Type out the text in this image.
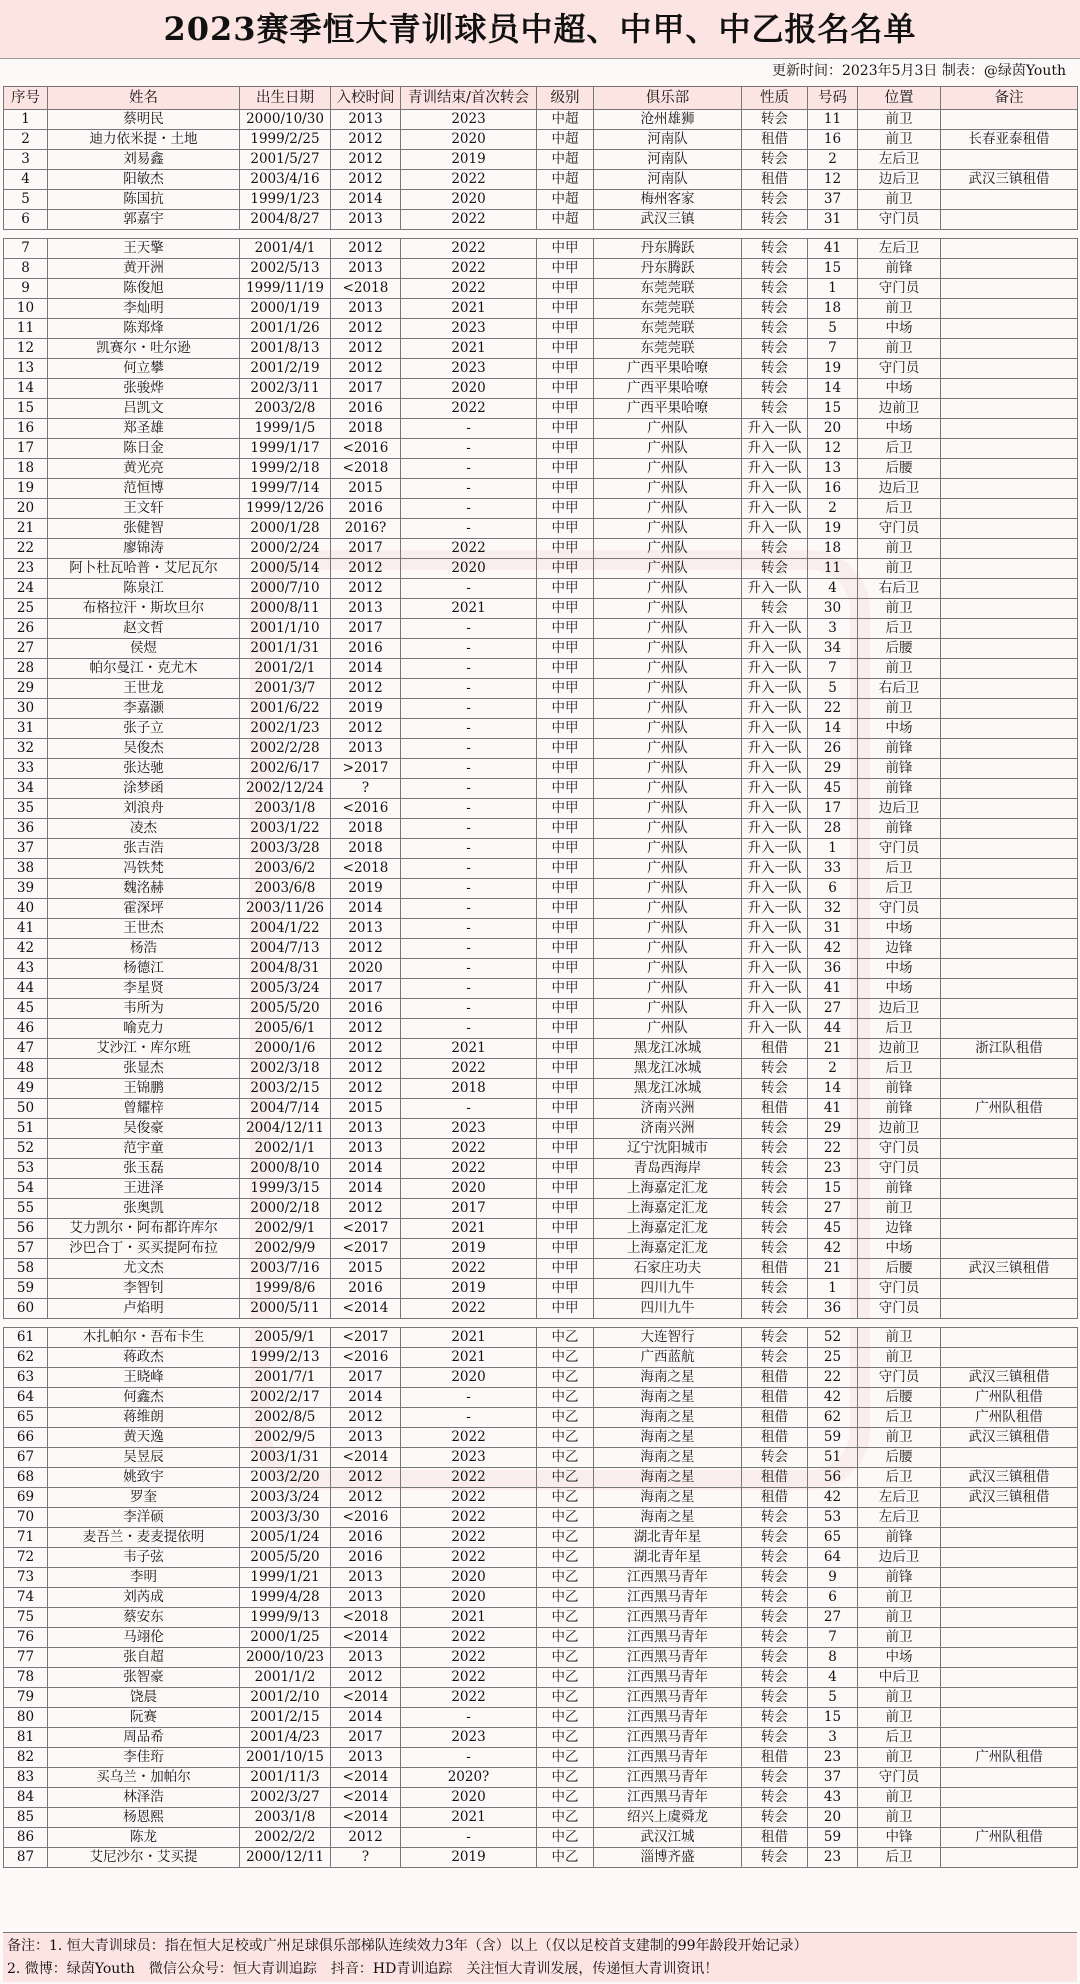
2023赛季恒大青训球员中超、中甲、中乙报名名单
更新时间：2023年5月3日 制表：@绿茵Youth
序号	姓名	出生日期	入校时间	青训结束/首次转会	级别	俱乐部	性质	号码	位置	备注
1	蔡明民	2000/10/30	2013	2023	中超	沧州雄狮	转会	11	前卫	
2	迪力依米提・土地	1999/2/25	2012	2020	中超	河南队	租借	16	前卫	长春亚泰租借
3	刘易鑫	2001/5/27	2012	2019	中超	河南队	转会	2	左后卫	
4	阳敏杰	2003/4/16	2012	2022	中超	河南队	租借	12	边后卫	武汉三镇租借
5	陈国抗	1999/1/23	2014	2020	中超	梅州客家	转会	37	前卫	
6	郭嘉宇	2004/8/27	2013	2022	中超	武汉三镇	转会	31	守门员	

7	王天擎	2001/4/1	2012	2022	中甲	丹东腾跃	转会	41	左后卫	
8	黄开洲	2002/5/13	2013	2022	中甲	丹东腾跃	转会	15	前锋	
9	陈俊旭	1999/11/19	<2018	2022	中甲	东莞莞联	转会	1	守门员	
10	李灿明	2000/1/19	2013	2021	中甲	东莞莞联	转会	18	前卫	
11	陈郑烽	2001/1/26	2012	2023	中甲	东莞莞联	转会	5	中场	
12	凯赛尔・吐尔逊	2001/8/13	2012	2021	中甲	东莞莞联	转会	7	前卫	
13	何立攀	2001/2/19	2012	2023	中甲	广西平果哈嘹	转会	19	守门员	
14	张骏烨	2002/3/11	2017	2020	中甲	广西平果哈嘹	转会	14	中场	
15	吕凯文	2003/2/8	2016	2022	中甲	广西平果哈嘹	转会	15	边前卫	
16	郑圣雄	1999/1/5	2018	-	中甲	广州队	升入一队	20	中场	
17	陈日金	1999/1/17	<2016	-	中甲	广州队	升入一队	12	后卫	
18	黄光亮	1999/2/18	<2018	-	中甲	广州队	升入一队	13	后腰	
19	范恒博	1999/7/14	2015	-	中甲	广州队	升入一队	16	边后卫	
20	王文轩	1999/12/26	2016	-	中甲	广州队	升入一队	2	后卫	
21	张健智	2000/1/28	2016?	-	中甲	广州队	升入一队	19	守门员	
22	廖锦涛	2000/2/24	2017	2022	中甲	广州队	转会	18	前卫	
23	阿卜杜瓦哈普・艾尼瓦尔	2000/5/14	2012	2020	中甲	广州队	转会	11	前卫	
24	陈泉江	2000/7/10	2012	-	中甲	广州队	升入一队	4	右后卫	
25	布格拉汗・斯坎旦尔	2000/8/11	2013	2021	中甲	广州队	转会	30	前卫	
26	赵文哲	2001/1/10	2017	-	中甲	广州队	升入一队	3	后卫	
27	侯煜	2001/1/31	2016	-	中甲	广州队	升入一队	34	后腰	
28	帕尔曼江・克尤木	2001/2/1	2014	-	中甲	广州队	升入一队	7	前卫	
29	王世龙	2001/3/7	2012	-	中甲	广州队	升入一队	5	右后卫	
30	李嘉灏	2001/6/22	2019	-	中甲	广州队	升入一队	22	前卫	
31	张子立	2002/1/23	2012	-	中甲	广州队	升入一队	14	中场	
32	吴俊杰	2002/2/28	2013	-	中甲	广州队	升入一队	26	前锋	
33	张达驰	2002/6/17	>2017	-	中甲	广州队	升入一队	29	前锋	
34	涂梦函	2002/12/24	?	-	中甲	广州队	升入一队	45	前锋	
35	刘浪舟	2003/1/8	<2016	-	中甲	广州队	升入一队	17	边后卫	
36	凌杰	2003/1/22	2018	-	中甲	广州队	升入一队	28	前锋	
37	张吉浩	2003/3/28	2018	-	中甲	广州队	升入一队	1	守门员	
38	冯铁梵	2003/6/2	<2018	-	中甲	广州队	升入一队	33	后卫	
39	魏洺赫	2003/6/8	2019	-	中甲	广州队	升入一队	6	后卫	
40	霍深坪	2003/11/26	2014	-	中甲	广州队	升入一队	32	守门员	
41	王世杰	2004/1/22	2013	-	中甲	广州队	升入一队	31	中场	
42	杨浩	2004/7/13	2012	-	中甲	广州队	升入一队	42	边锋	
43	杨德江	2004/8/31	2020	-	中甲	广州队	升入一队	36	中场	
44	李星贤	2005/3/24	2017	-	中甲	广州队	升入一队	41	中场	
45	韦所为	2005/5/20	2016	-	中甲	广州队	升入一队	27	边后卫	
46	喻克力	2005/6/1	2012	-	中甲	广州队	升入一队	44	后卫	
47	艾沙江・库尔班	2000/1/6	2012	2021	中甲	黑龙江冰城	租借	21	边前卫	浙江队租借
48	张显杰	2002/3/18	2012	2022	中甲	黑龙江冰城	转会	2	后卫	
49	王锦鹏	2003/2/15	2012	2018	中甲	黑龙江冰城	转会	14	前锋	
50	曾耀梓	2004/7/14	2015	-	中甲	济南兴洲	租借	41	前锋	广州队租借
51	吴俊豪	2004/12/11	2013	2023	中甲	济南兴洲	转会	29	边前卫	
52	范宇童	2002/1/1	2013	2022	中甲	辽宁沈阳城市	转会	22	守门员	
53	张玉磊	2000/8/10	2014	2022	中甲	青岛西海岸	转会	23	守门员	
54	王进泽	1999/3/15	2014	2020	中甲	上海嘉定汇龙	转会	15	前锋	
55	张奥凯	2000/2/18	2012	2017	中甲	上海嘉定汇龙	转会	27	前卫	
56	艾力凯尔・阿布都许库尔	2002/9/1	<2017	2021	中甲	上海嘉定汇龙	转会	45	边锋	
57	沙巴合丁・买买提阿布拉	2002/9/9	<2017	2019	中甲	上海嘉定汇龙	转会	42	中场	
58	尤文杰	2003/7/16	2015	2022	中甲	石家庄功夫	租借	21	后腰	武汉三镇租借
59	李智钊	1999/8/6	2016	2019	中甲	四川九牛	转会	1	守门员	
60	卢焰明	2000/5/11	<2014	2022	中甲	四川九牛	转会	36	守门员	

61	木扎帕尔・吾布卡生	2005/9/1	<2017	2021	中乙	大连智行	转会	52	前卫	
62	蒋政杰	1999/2/13	<2016	2021	中乙	广西蓝航	转会	25	前卫	
63	王晓峰	2001/7/1	2017	2020	中乙	海南之星	租借	22	守门员	武汉三镇租借
64	何鑫杰	2002/2/17	2014	-	中乙	海南之星	租借	42	后腰	广州队租借
65	蒋维朗	2002/8/5	2012	-	中乙	海南之星	租借	62	后卫	广州队租借
66	黄天逸	2002/9/5	2013	2022	中乙	海南之星	租借	59	前卫	武汉三镇租借
67	吴昱辰	2003/1/31	<2014	2023	中乙	海南之星	转会	51	后腰	
68	姚致宇	2003/2/20	2012	2022	中乙	海南之星	租借	56	后卫	武汉三镇租借
69	罗奎	2003/3/24	2012	2022	中乙	海南之星	租借	42	左后卫	武汉三镇租借
70	李洋硕	2003/3/30	<2016	2022	中乙	海南之星	转会	53	左后卫	
71	麦吾兰・麦麦提依明	2005/1/24	2016	2022	中乙	湖北青年星	转会	65	前锋	
72	韦子弦	2005/5/20	2016	2022	中乙	湖北青年星	转会	64	边后卫	
73	李明	1999/1/21	2013	2020	中乙	江西黑马青年	转会	9	前锋	
74	刘芮成	1999/4/28	2013	2020	中乙	江西黑马青年	转会	6	前卫	
75	蔡安东	1999/9/13	<2018	2021	中乙	江西黑马青年	转会	27	前卫	
76	马翊伦	2000/1/25	<2014	2022	中乙	江西黑马青年	转会	7	前卫	
77	张自超	2000/10/23	2013	2022	中乙	江西黑马青年	转会	8	中场	
78	张智豪	2001/1/2	2012	2022	中乙	江西黑马青年	转会	4	中后卫	
79	饶晨	2001/2/10	<2014	2022	中乙	江西黑马青年	转会	5	前卫	
80	阮赛	2001/2/15	2014	-	中乙	江西黑马青年	转会	15	前卫	
81	周品希	2001/4/23	2017	2023	中乙	江西黑马青年	转会	3	后卫	
82	李佳珩	2001/10/15	2013	-	中乙	江西黑马青年	租借	23	前卫	广州队租借
83	买乌兰・加帕尔	2001/11/3	<2014	2020?	中乙	江西黑马青年	转会	37	守门员	
84	林泽浩	2002/3/27	<2014	2020	中乙	江西黑马青年	转会	43	前卫	
85	杨恩熙	2003/1/8	<2014	2021	中乙	绍兴上虞舜龙	转会	20	前卫	
86	陈龙	2002/2/2	2012	-	中乙	武汉江城	租借	59	中锋	广州队租借
87	艾尼沙尔・艾买提	2000/12/11	?	2019	中乙	淄博齐盛	转会	23	后卫	
备注：1. 恒大青训球员：指在恒大足校或广州足球俱乐部梯队连续效力3年（含）以上（仅以足校首支建制的99年龄段开始记录）
2. 微博：绿茵Youth　微信公众号：恒大青训追踪　抖音：HD青训追踪　关注恒大青训发展，传递恒大青训资讯！
